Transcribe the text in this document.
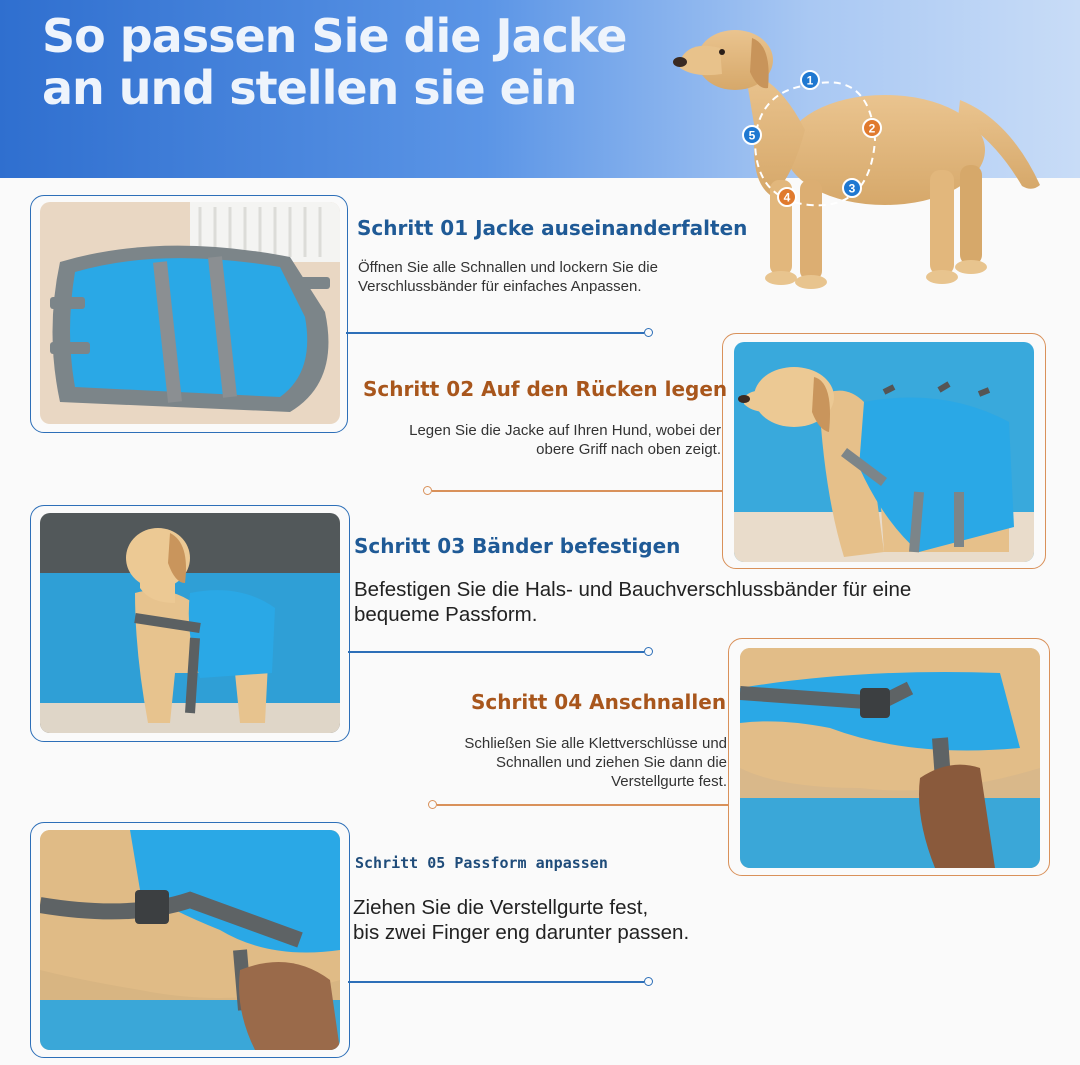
So passen Sie die Jacke
an und stellen sie ein	1
2
3
4
5
Schritt 01 Jacke auseinanderfalten
Öffnen Sie alle Schnallen und lockern Sie die
Verschlussbänder für einfaches Anpassen.
Schritt 02 Auf den Rücken legen
Legen Sie die Jacke auf Ihren Hund, wobei der
obere Griff nach oben zeigt.
Schritt 03 Bänder befestigen
Befestigen Sie die Hals- und Bauchverschlussbänder für eine
bequeme Passform.
Schritt 04 Anschnallen
Schließen Sie alle Klettverschlüsse und
Schnallen und ziehen Sie dann die
Verstellgurte fest.
Schritt 05 Passform anpassen
Ziehen Sie die Verstellgurte fest,
bis zwei Finger eng darunter passen.
